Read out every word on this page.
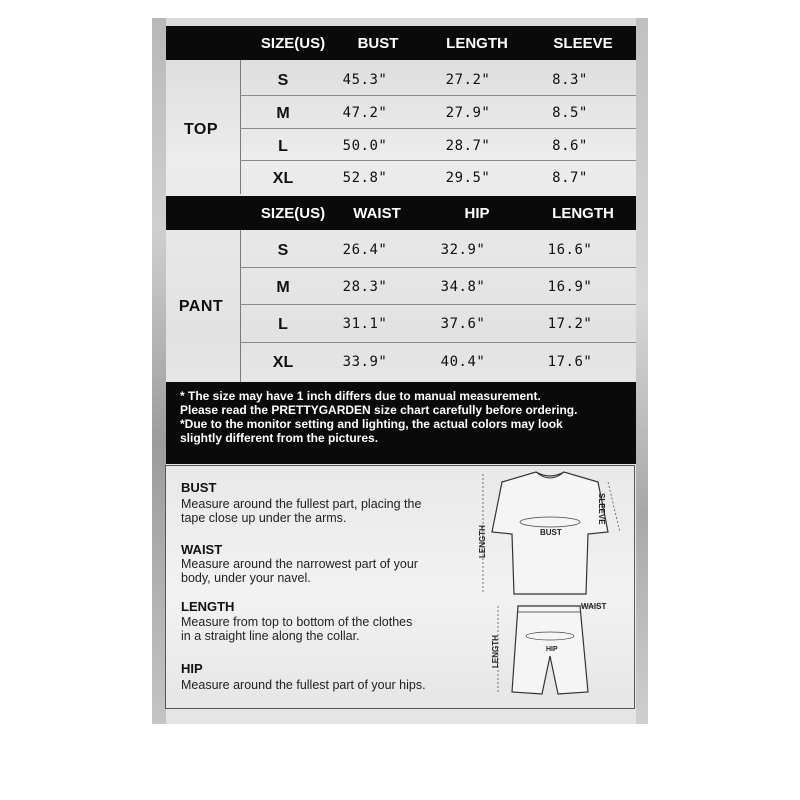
SIZE(US) BUST	LENGTH	SLEEVE
TOP
S	45.3"	27.2"	8.3"
M	47.2"	27.9"	8.5"
L	50.0"	28.7"	8.6"
XL	52.8"	29.5"	8.7"
SIZE(US) WAIST	HIP	LENGTH
PANT
S	26.4"	32.9"	16.6"
M	28.3"	34.8"	16.9"
L	31.1"	37.6"	17.2"
XL	33.9"	40.4"	17.6"
* The size may have 1 inch differs due to manual measurement.
Please read the PRETTYGARDEN size chart carefully before ordering.
*Due to the monitor setting and lighting, the actual colors may look
slightly different from the pictures.
BUST
Measure around the fullest part, placing the
tape close up under the arms.
WAIST
Measure around the narrowest part of your
body, under your navel.
LENGTH
Measure from top to bottom of the clothes
in a straight line along the collar.
HIP
Measure around the fullest part of your hips.
BUST
SLEEVE
LENGTH
WAIST
HIP
LENGTH
